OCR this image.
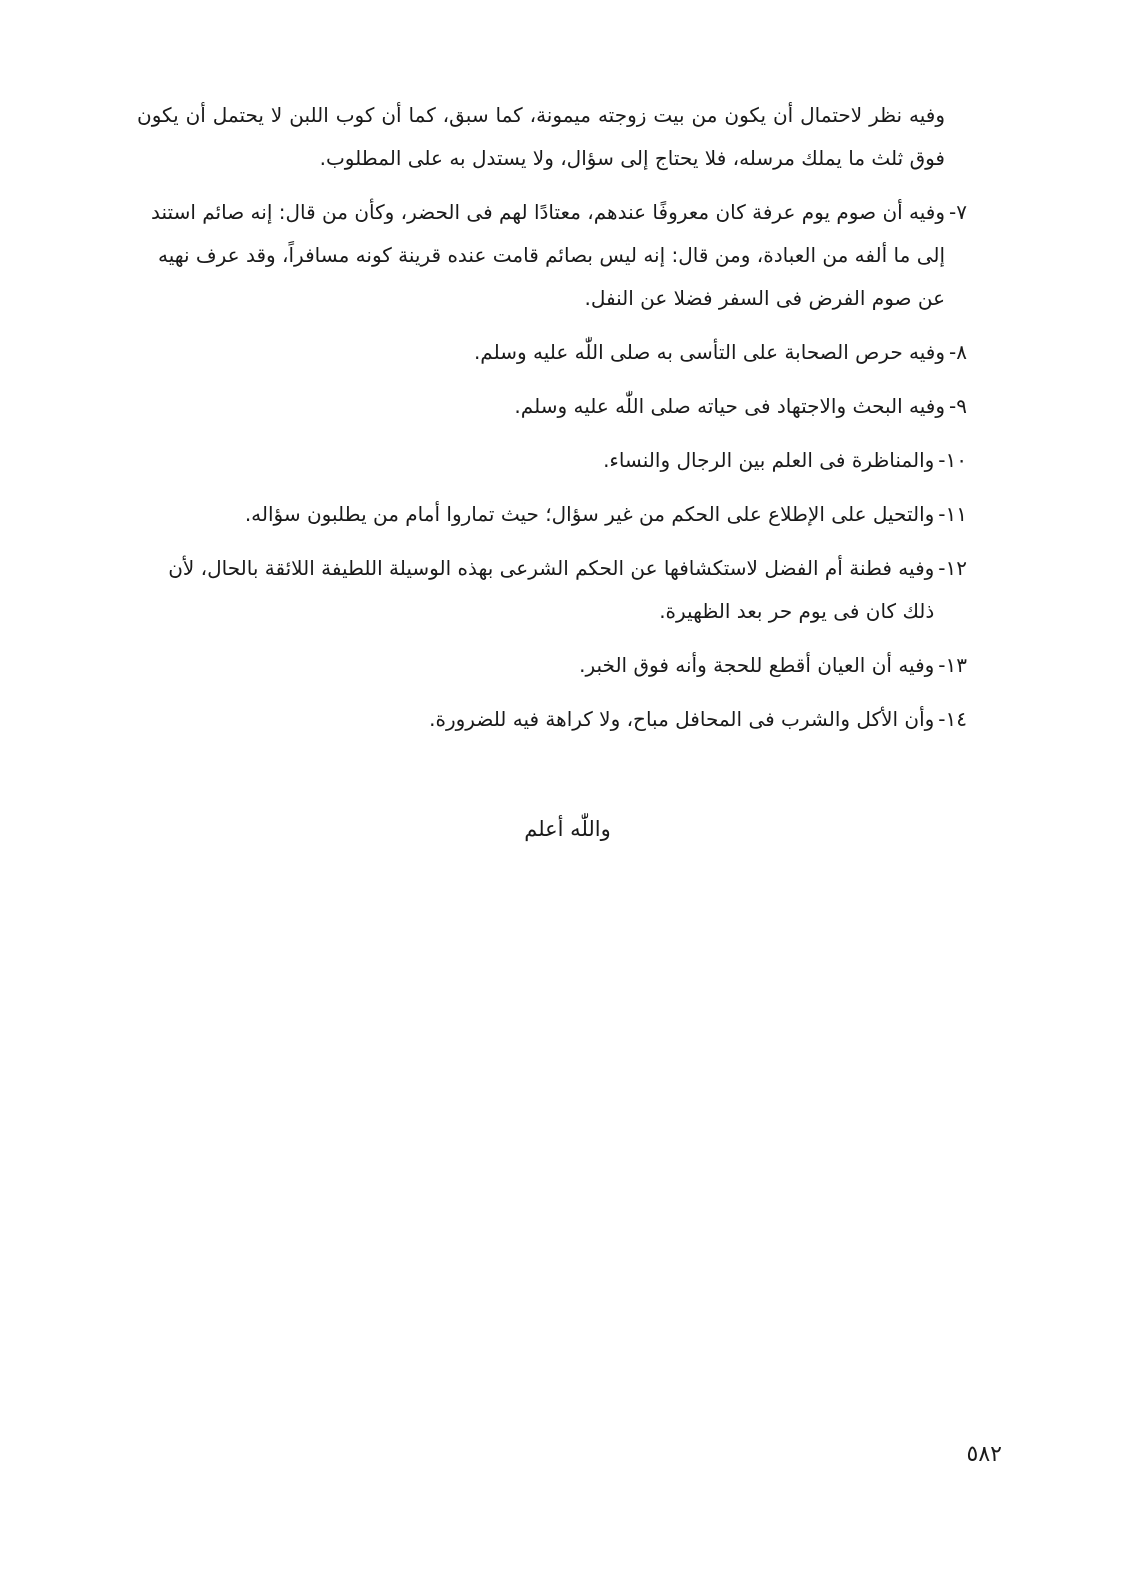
وفيه نظر لاحتمال أن يكون من بيت زوجته ميمونة، كما سبق، كما أن كوب اللبن لا يحتمل أن يكون فوق ثلث ما يملك مرسله، فلا يحتاج إلى سؤال، ولا يستدل به على المطلوب.

٧-
وفيه أن صوم يوم عرفة كان معروفًا عندهم، معتادًا لهم فى الحضر، وكأن من قال: إنه صائم استند إلى ما ألفه من العبادة، ومن قال: إنه ليس بصائم قامت عنده قرينة كونه مسافراً، وقد عرف نهيه عن صوم الفرض فى السفر فضلا عن النفل.
٨-
وفيه حرص الصحابة على التأسى به صلى اللّٰه عليه وسلم.
٩-
وفيه البحث والاجتهاد فى حياته صلى اللّٰه عليه وسلم.
١٠-
والمناظرة فى العلم بين الرجال والنساء.
١١-
والتحيل على الإطلاع على الحكم من غير سؤال؛ حيث تماروا أمام من يطلبون سؤاله.
١٢-
وفيه فطنة أم الفضل لاستكشافها عن الحكم الشرعى بهذه الوسيلة اللطيفة اللائقة بالحال، لأن ذلك كان فى يوم حر بعد الظهيرة.
١٣-
وفيه أن العيان أقطع للحجة وأنه فوق الخبر.
١٤-
وأن الأكل والشرب فى المحافل مباح، ولا كراهة فيه للضرورة.
واللّٰه أعلم
٥٨٢
